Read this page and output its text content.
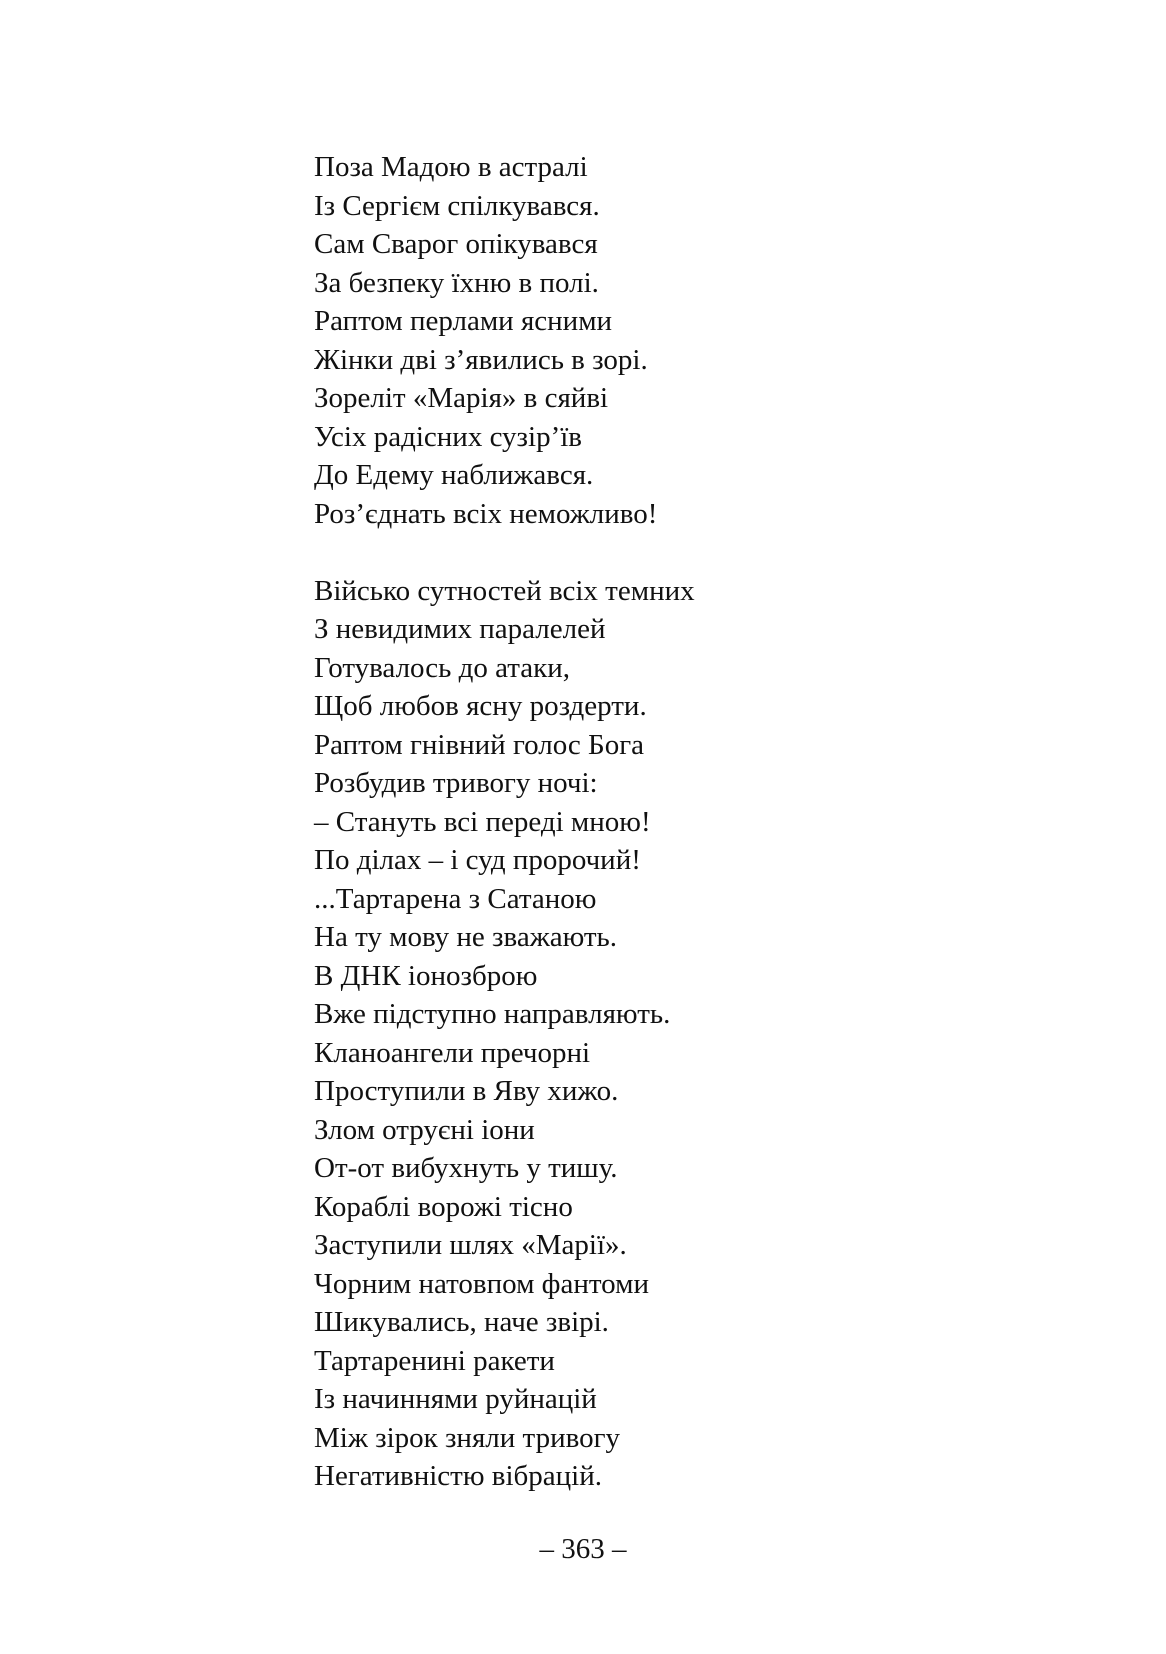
Поза Мадою в астралі
Із Сергієм спілкувався.
Сам Сварог опікувався
За безпеку їхню в полі.
Раптом перлами ясними
Жінки дві з’явились в зорі.
Зореліт «Марія» в сяйві
Усіх радісних сузір’їв
До Едему наближався.
Роз’єднать всіх неможливо!
Військо сутностей всіх темних
З невидимих паралелей
Готувалось до атаки,
Щоб любов ясну роздерти.
Раптом гнівний голос Бога
Розбудив тривогу ночі:
– Стануть всі переді мною!
По ділах – і суд пророчий!
...Тартарена з Сатаною
На ту мову не зважають.
В ДНК іонозброю
Вже підступно направляють.
Кланоангели пречорні
Проступили в Яву хижо.
Злом отруєні іони
От-от вибухнуть у тишу.
Кораблі ворожі тісно
Заступили шлях «Марії».
Чорним натовпом фантоми
Шикувались, наче звірі.
Тартаренині ракети
Із начиннями руйнацій
Між зірок зняли тривогу
Негативністю вібрацій.
– 363 –
